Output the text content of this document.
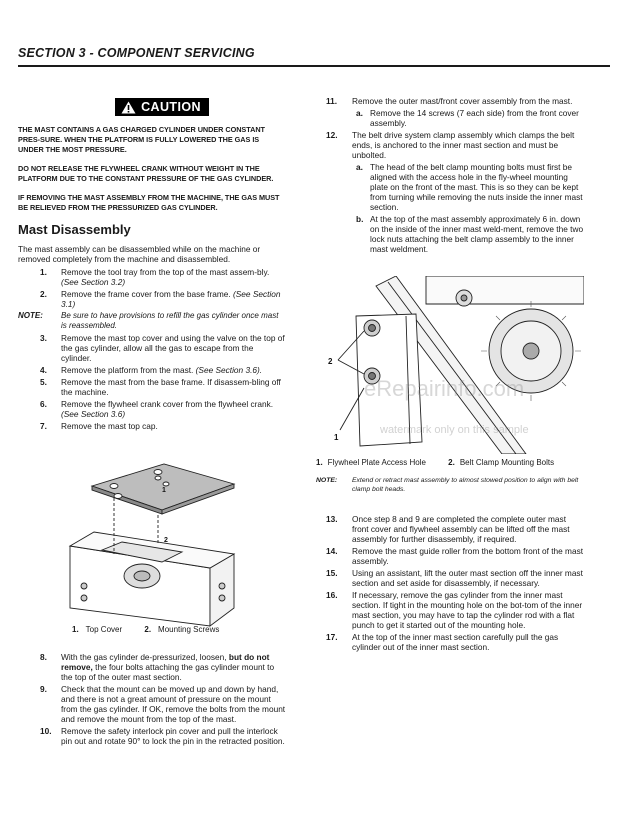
SECTION 3 - COMPONENT SERVICING
CAUTION
THE MAST CONTAINS A GAS CHARGED CYLINDER UNDER CONSTANT PRES-SURE. WHEN THE PLATFORM IS FULLY LOWERED THE GAS IS UNDER THE MOST PRESSURE.
DO NOT RELEASE THE FLYWHEEL CRANK WITHOUT WEIGHT IN THE PLATFORM DUE TO THE CONSTANT PRESSURE OF THE GAS CYLINDER.
IF REMOVING THE MAST ASSEMBLY FROM THE MACHINE, THE GAS MUST BE RELIEVED FROM THE PRESSURIZED GAS CYLINDER.
Mast Disassembly
The mast assembly can be disassembled while on the machine or removed completely from the machine and disassembled.
1. Remove the tool tray from the top of the mast assem-bly. (See Section 3.2)
2. Remove the frame cover from the base frame. (See Section 3.1)
NOTE: Be sure to have provisions to refill the gas cylinder once mast is reassembled.
3. Remove the mast top cover and using the valve on the top of the gas cylinder, allow all the gas to escape from the cylinder.
4. Remove the platform from the mast. (See Section 3.6).
5. Remove the mast from the base frame. If disassem-bling off the machine.
6. Remove the flywheel crank cover from the flywheel crank. (See Section 3.6)
7. Remove the mast top cap.
1
2
1. Top Cover	2. Mounting Screws
8. With the gas cylinder de-pressurized, loosen, but do not remove, the four bolts attaching the gas cylinder mount to the top of the outer mast section.
9. Check that the mount can be moved up and down by hand, and there is not a great amount of pressure on the mount from the gas cylinder. If OK, remove the bolts from the mount and remove the mount from the top of the mast.
10. Remove the safety interlock pin cover and pull the interlock pin out and rotate 90° to lock the pin in the retracted position.
11. Remove the outer mast/front cover assembly from the mast.
a. Remove the 14 screws (7 each side) from the front cover assembly.
12. The belt drive system clamp assembly which clamps the belt ends, is anchored to the inner mast section and must be unbolted.
a. The head of the belt clamp mounting bolts must first be aligned with the access hole in the fly-wheel mounting plate on the front of the mast. This is so they can be kept from turning while removing the nuts inside the inner mast section.
b. At the top of the mast assembly approximately 6 in. down on the inside of the inner mast weld-ment, remove the two lock nuts attaching the belt clamp assembly to the inner mast weldment.
2
1
eRepairinfo.com
watermark only on this sample
1. Flywheel Plate Access Hole	2. Belt Clamp Mounting Bolts
NOTE:	Extend or retract mast assembly to almost stowed position to align with belt clamp bolt heads.
13. Once step 8 and 9 are completed the complete outer mast front cover and flywheel assembly can be lifted off the mast assembly for further disassembly, if required.
14. Remove the mast guide roller from the bottom front of the mast assembly.
15. Using an assistant, lift the outer mast section off the inner mast section and set aside for disassembly, if necessary.
16. If necessary, remove the gas cylinder from the inner mast section. If tight in the mounting hole on the bot-tom of the inner mast section, you may have to tap the cylinder rod with a flat punch to get it started out of the mounting hole.
17. At the top of the inner mast section carefully pull the gas cylinder out of the inner mast section.
